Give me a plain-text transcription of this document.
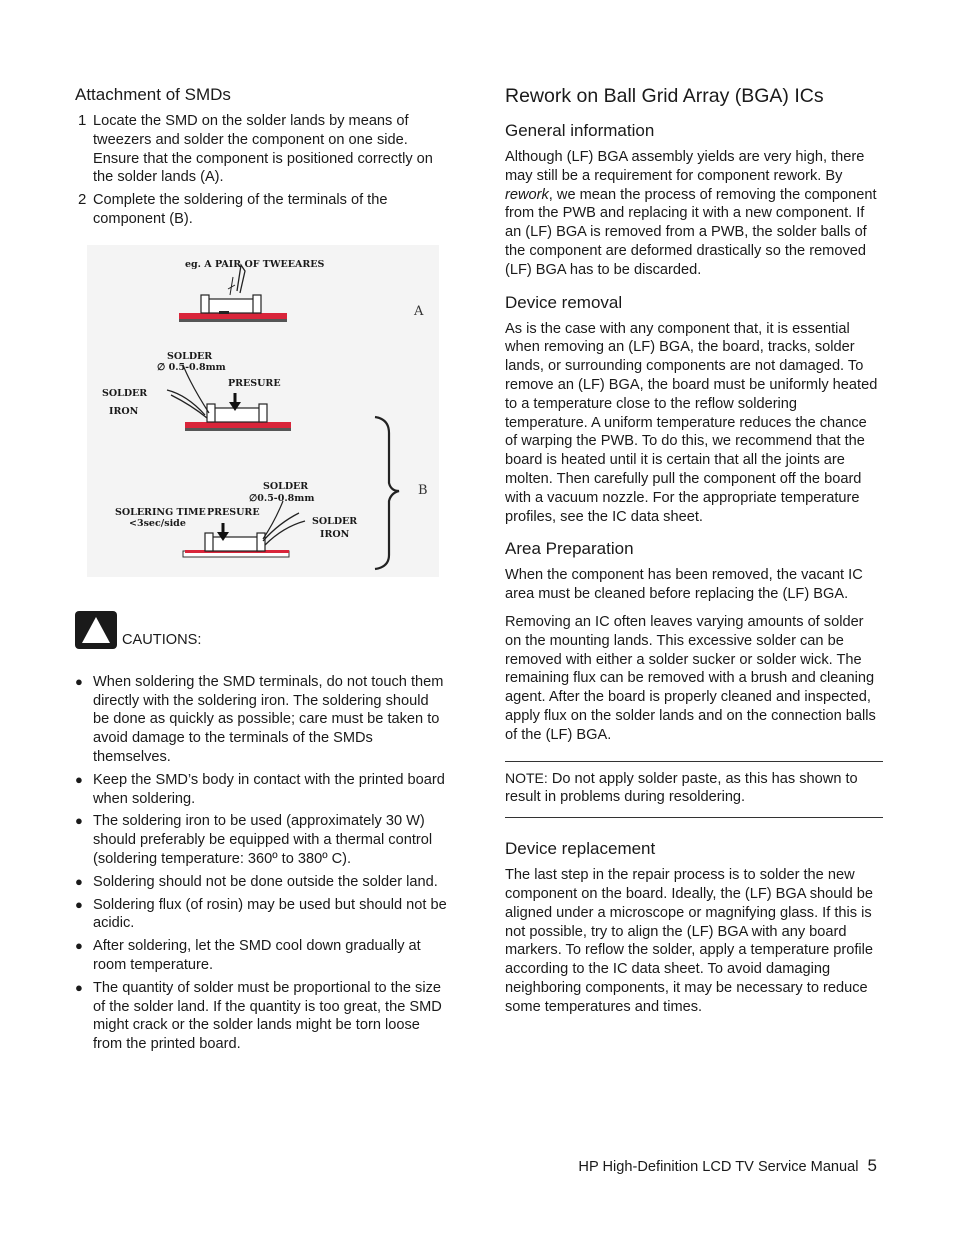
Attachment of SMDs
1 Locate the SMD on the solder lands by means of tweezers and solder the component on one side. Ensure that the component is positioned correctly on the solder lands (A).
2 Complete the soldering of the terminals of the component (B).
eg. A PAIR OF TWEEARES
A
SOLDER
∅ 0.5-0.8mm
PRESURE
SOLDER
IRON
SOLDER
∅0.5-0.8mm
B
SOLERING TIME
<3sec/side
PRESURE
SOLDER
IRON
CAUTIONS:
● When soldering the SMD terminals, do not touch them directly with the soldering iron. The soldering should be done as quickly as possible; care must be taken to avoid damage to the terminals of the SMDs themselves.
● Keep the SMD’s body in contact with the printed board when soldering.
● The soldering iron to be used (approximately 30 W) should preferably be equipped with a thermal control (soldering temperature: 360º to 380º C).
● Soldering should not be done outside the solder land.
● Soldering flux (of rosin) may be used but should not be acidic.
● After soldering, let the SMD cool down gradually at room temperature.
● The quantity of solder must be proportional to the size of the solder land. If the quantity is too great, the SMD might crack or the solder lands might be torn loose from the printed board.
Rework on Ball Grid Array (BGA) ICs
General information

Although (LF) BGA assembly yields are very high, there may still be a requirement for component rework. By rework, we mean the process of removing the component from the PWB and replacing it with a new component. If an (LF) BGA is removed from a PWB, the solder balls of the component are deformed drastically so the removed (LF) BGA has to be discarded.

Device removal

As is the case with any component that, it is essential when removing an (LF) BGA, the board, tracks, solder lands, or surrounding components are not damaged. To remove an (LF) BGA, the board must be uniformly heated to a temperature close to the reflow soldering temperature. A uniform temperature reduces the chance of warping the PWB. To do this, we recommend that the board is heated until it is certain that all the joints are molten. Then carefully pull the component off the board with a vacuum nozzle. For the appropriate temperature profiles, see the IC data sheet.

Area Preparation

When the component has been removed, the vacant IC area must be cleaned before replacing the (LF) BGA.

Removing an IC often leaves varying amounts of solder on the mounting lands. This excessive solder can be removed with either a solder sucker or solder wick. The remaining flux can be removed with a brush and cleaning agent. After the board is properly cleaned and inspected, apply flux on the solder lands and on the connection balls of the (LF) BGA.

NOTE: Do not apply solder paste, as this has shown to result in problems during resoldering.

Device replacement

The last step in the repair process is to solder the new component on the board. Ideally, the (LF) BGA should be aligned under a microscope or magnifying glass. If this is not possible, try to align the (LF) BGA with any board markers. To reflow the solder, apply a temperature profile according to the IC data sheet. To avoid damaging neighboring components, it may be necessary to reduce some temperatures and times.

HP High-Definition LCD TV Service Manual 5
